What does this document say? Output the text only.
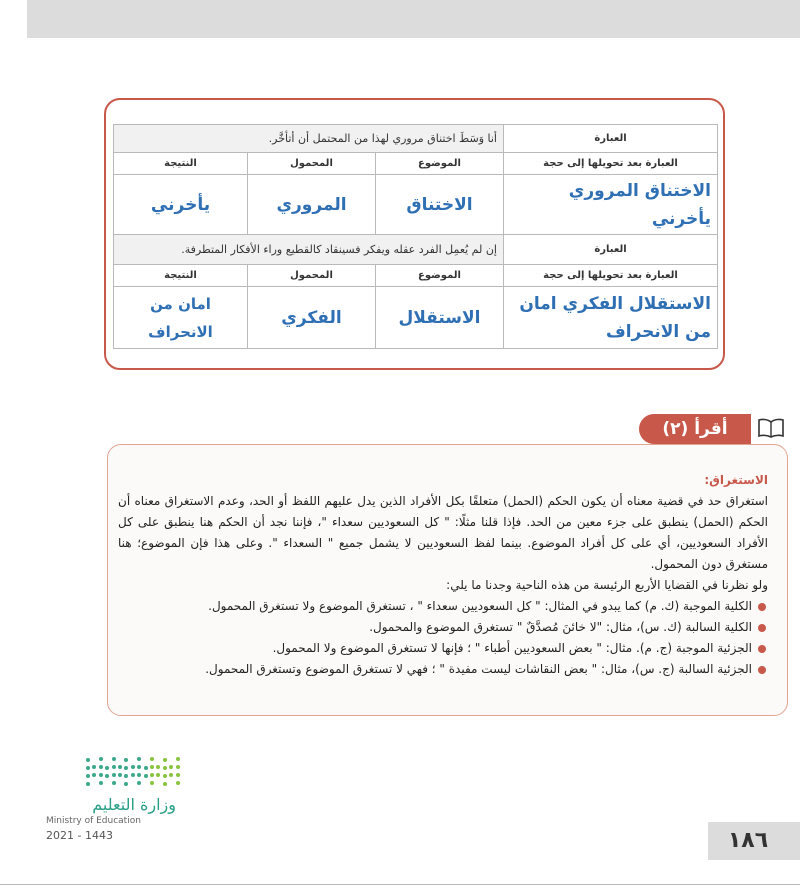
العبارة	أنا وَسَطَ اختناق مروري لهذا من المحتمل أن أتأخَّر.		
العبارة بعد تحويلها إلى حجة	الموضوع	المحمول	النتيجة
الاختناق المروري يأخرني	الاختناق	المروري	يأخرني
العبارة	إن لم يُعمِل الفرد عقله ويفكر فسينقاد كالقطيع وراء الأفكار المتطرفة.		
العبارة بعد تحويلها إلى حجة	الموضوع	المحمول	النتيجة
الاستقلال الفكري امان من الانحراف	الاستقلال	الفكري	امان من الانحراف
أقرأ (٢)

الاستغراق:

استغراق حد في قضية معناه أن يكون الحكم (الحمل) متعلقًا بكل الأفراد الذين يدل عليهم اللفظ أو الحد، وعدم الاستغراق معناه أن الحكم (الحمل) ينطبق على جزء معين من الحد. فإذا قلنا مثلًا: " كل السعوديين سعداء "، فإننا نجد أن الحكم هنا ينطبق على كل الأفراد السعوديين، أي على كل أفراد الموضوع. بينما لفظ السعوديين لا يشمل جميع " السعداء ". وعلى هذا فإن الموضوع؛ هنا مستغرق دون المحمول.

ولو نظرنا في القضايا الأربع الرئيسة من هذه الناحية وجدنا ما يلي:

الكلية الموجبة (ك. م) كما يبدو في المثال: " كل السعوديين سعداء " ، تستغرق الموضوع ولا تستغرق المحمول.

الكلية السالبة (ك. س)، مثال: "لا خائنَ مُصدَّقٌ " تستغرق الموضوع والمحمول.

الجزئية الموجبة (ج. م). مثال: " بعض السعوديين أطباء " ؛ فإنها لا تستغرق الموضوع ولا المحمول.

الجزئية السالبة (ج. س)، مثال: " بعض النقاشات ليست مفيدة " ؛ فهي لا تستغرق الموضوع وتستغرق المحمول.

وزارة التعليم
Ministry of Education
2021 - 1443	١٨٦
